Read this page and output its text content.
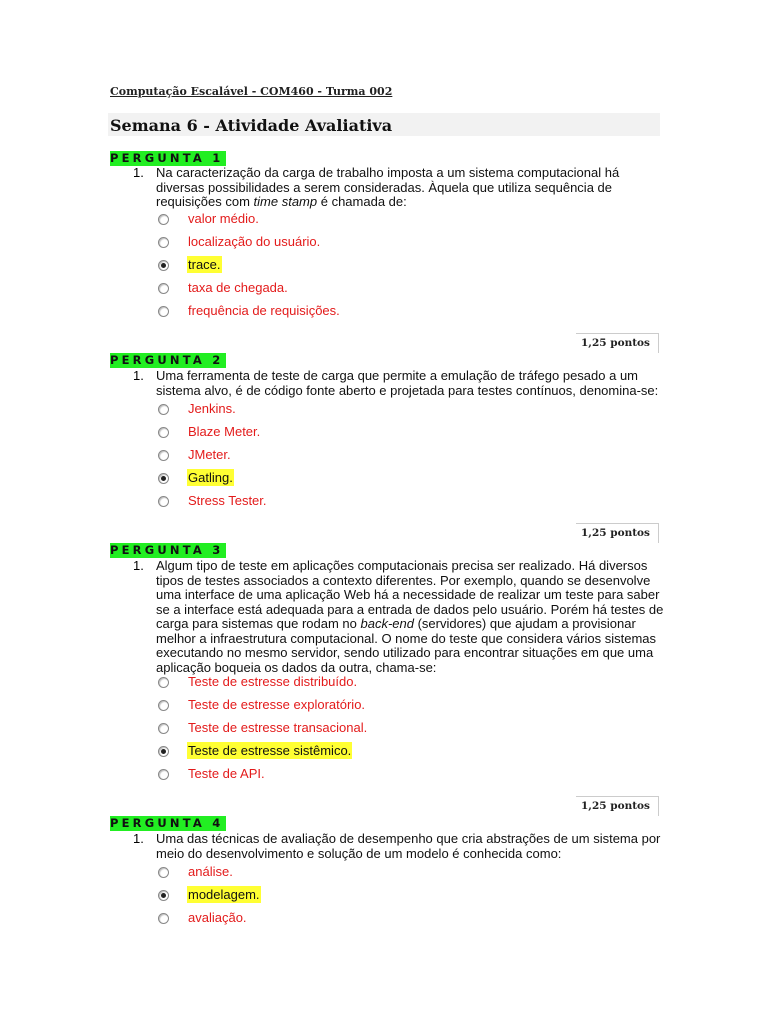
Computação Escalável - COM460 - Turma 002
Semana 6 - Atividade Avaliativa
PERGUNTA 1
1. Na caracterização da carga de trabalho imposta a um sistema computacional há diversas possibilidades a serem consideradas. Àquela que utiliza sequência de requisições com time stamp é chamada de:
valor médio.
localização do usuário.
trace.
taxa de chegada.
frequência de requisições.
1,25 pontos
PERGUNTA 2
1. Uma ferramenta de teste de carga que permite a emulação de tráfego pesado a um sistema alvo, é de código fonte aberto e projetada para testes contínuos, denomina-se:
Jenkins.
Blaze Meter.
JMeter.
Gatling.
Stress Tester.
1,25 pontos
PERGUNTA 3
1. Algum tipo de teste em aplicações computacionais precisa ser realizado. Há diversos tipos de testes associados a contexto diferentes. Por exemplo, quando se desenvolve uma interface de uma aplicação Web há a necessidade de realizar um teste para saber se a interface está adequada para a entrada de dados pelo usuário. Porém há testes de carga para sistemas que rodam no back-end (servidores) que ajudam a provisionar melhor a infraestrutura computacional. O nome do teste que considera vários sistemas executando no mesmo servidor, sendo utilizado para encontrar situações em que uma aplicação boqueia os dados da outra, chama-se:
Teste de estresse distribuído.
Teste de estresse exploratório.
Teste de estresse transacional.
Teste de estresse sistêmico.
Teste de API.
1,25 pontos
PERGUNTA 4
1. Uma das técnicas de avaliação de desempenho que cria abstrações de um sistema por meio do desenvolvimento e solução de um modelo é conhecida como:
análise.
modelagem.
avaliação.
